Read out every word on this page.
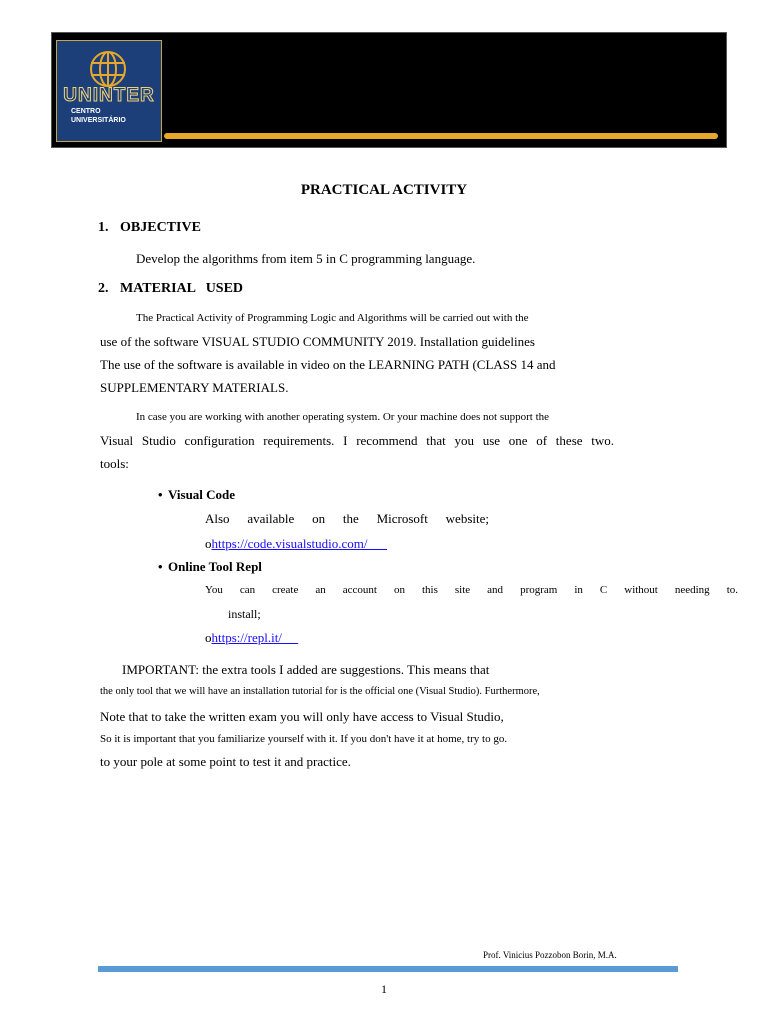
UNINTER
CENTRO
UNIVERSITÁRIO
PRACTICAL ACTIVITY
1. OBJECTIVE
Develop the algorithms from item 5 in C programming language.
2. MATERIAL   USED
The Practical Activity of Programming Logic and Algorithms will be carried out with the
use of the software VISUAL STUDIO COMMUNITY 2019. Installation guidelines
The use of the software is available in video on the LEARNING PATH (CLASS 14 and
SUPPLEMENTARY MATERIALS.
In case you are working with another operating system. Or your machine does not support the
Visual Studio configuration requirements. I recommend that you use one of these two.
tools:
• Visual Code
Also available on the Microsoft website;
ohttps://code.visualstudio.com/
• Online Tool Repl
You can create an account on this site and program in C without needing to.
install;
ohttps://repl.it/
IMPORTANT: the extra tools I added are suggestions. This means that
the only tool that we will have an installation tutorial for is the official one (Visual Studio). Furthermore,
Note that to take the written exam you will only have access to Visual Studio,
So it is important that you familiarize yourself with it. If you don't have it at home, try to go.
to your pole at some point to test it and practice.
Prof. Vinicius Pozzobon Borin, M.A.
1
